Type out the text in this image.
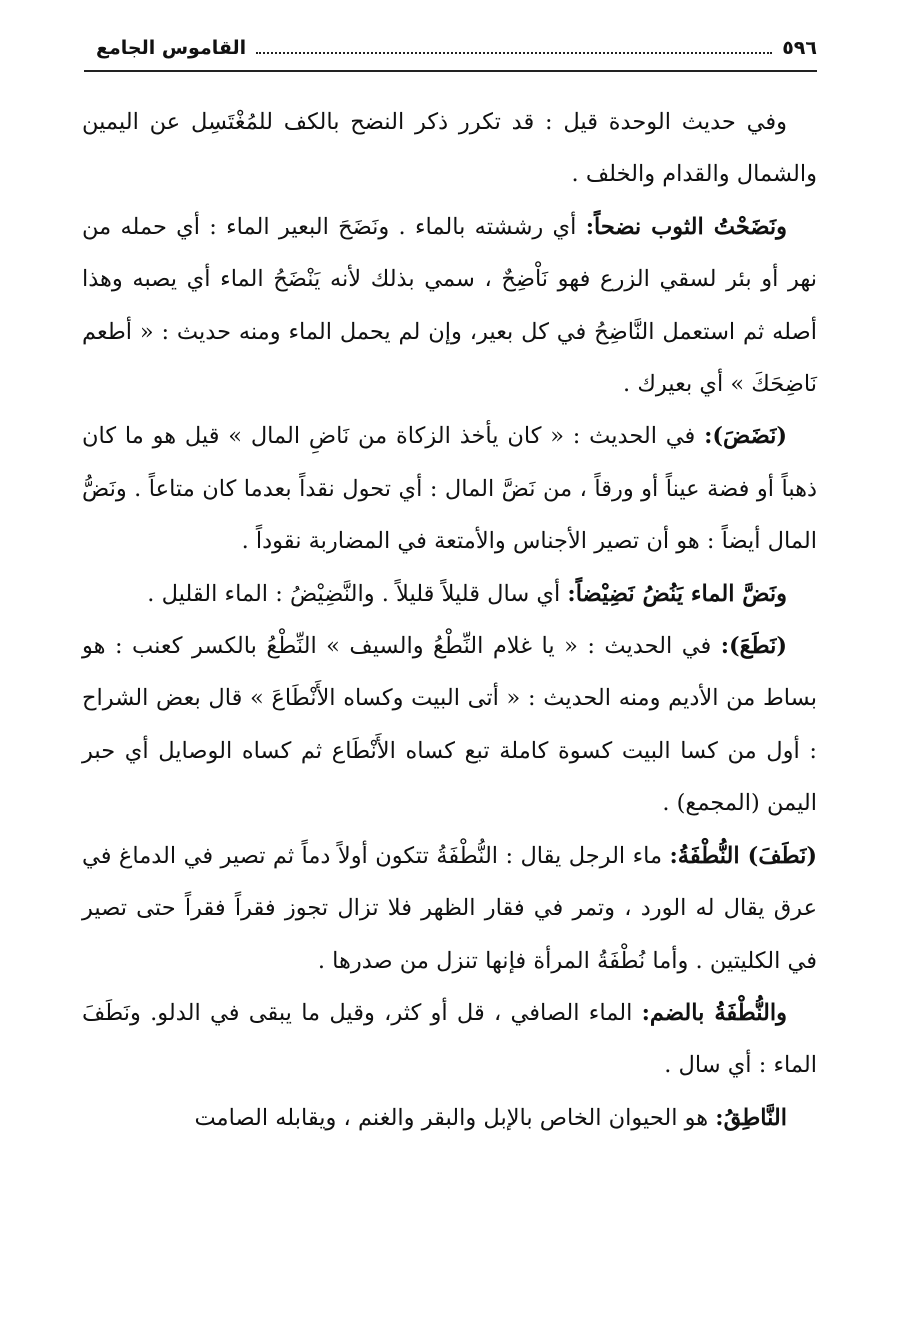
٥٩٦
القاموس الجامع

وفي حديث الوحدة قيل : قد تكرر ذكر النضح بالكف للمُغْتَسِل عن اليمين والشمال والقدام والخلف .

ونَضَحْتُ الثوب نضحاً: أي رششته بالماء . ونَضَحَ البعير الماء : أي حمله من نهر أو بئر لسقي الزرع فهو نَاْضِحٌ ، سمي بذلك لأنه يَنْضَحُ الماء أي يصبه وهذا أصله ثم استعمل النَّاضِحُ في كل بعير، وإن لم يحمل الماء ومنه حديث : « أطعم نَاضِحَكَ » أي بعيرك .

(نَضَضَ): في الحديث : « كان يأخذ الزكاة من نَاضِ المال » قيل هو ما كان ذهباً أو فضة عيناً أو ورقاً ، من نَضَّ المال : أي تحول نقداً بعدما كان متاعاً . ونَضُّ المال أيضاً : هو أن تصير الأجناس والأمتعة في المضاربة نقوداً .

ونَضَّ الماء يَنُضُ نَضِيْضاً: أي سال قليلاً قليلاً . والنَّضِيْضُ : الماء القليل .

(نَطَعَ): في الحديث : « يا غلام النِّطْعُ والسيف » النِّطْعُ بالكسر كعنب : هو بساط من الأديم ومنه الحديث : « أتى البيت وكساه الأَنْطَاعَ » قال بعض الشراح : أول من كسا البيت كسوة كاملة تبع كساه الأَنْطَاع ثم كساه الوصايل أي حبر اليمن (المجمع) .

(نَطَفَ) النُّطْفَةُ: ماء الرجل يقال : النُّطْفَةُ تتكون أولاً دماً ثم تصير في الدماغ في عرق يقال له الورد ، وتمر في فقار الظهر فلا تزال تجوز فقراً فقراً حتى تصير في الكليتين . وأما نُطْفَةُ المرأة فإنها تنزل من صدرها .

والنُّطْفَةُ بالضم: الماء الصافي ، قل أو كثر، وقيل ما يبقى في الدلو. ونَطَفَ الماء : أي سال .

النَّاطِقُ: هو الحيوان الخاص بالإبل والبقر والغنم ، ويقابله الصامت
